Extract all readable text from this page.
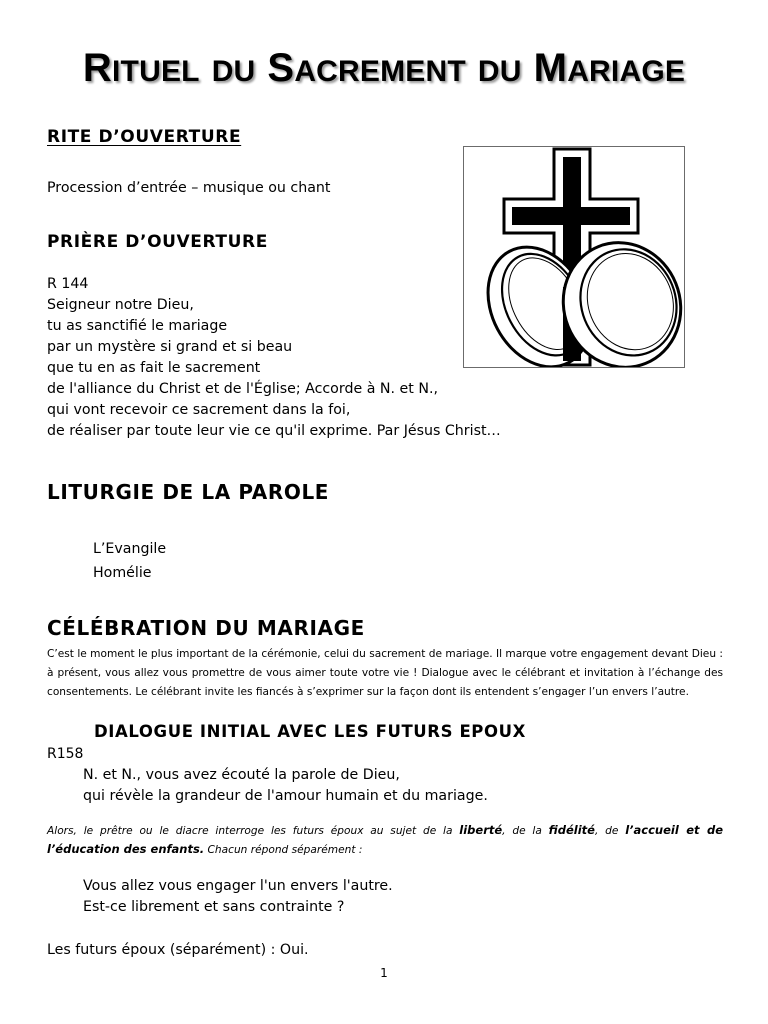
RITUEL DU SACREMENT DU MARIAGE
RITE D’OUVERTURE
Procession d’entrée – musique ou chant
PRIÈRE D’OUVERTURE
R 144
Seigneur notre Dieu,
tu as sanctifié le mariage
par un mystère si grand et si beau
que tu en as fait le sacrement
de l'alliance du Christ et de l'Église; Accorde à N. et N.,
qui vont recevoir ce sacrement dans la foi,
de réaliser par toute leur vie ce qu'il exprime. Par Jésus Christ…
LITURGIE DE LA PAROLE
L’Evangile
Homélie
CÉLÉBRATION DU MARIAGE
C’est le moment le plus important de la cérémonie, celui du sacrement de mariage. Il marque votre engagement devant Dieu : à présent, vous allez vous promettre de vous aimer toute votre vie ! Dialogue avec le célébrant et invitation à l’échange des consentements. Le célébrant invite les fiancés à s’exprimer sur la façon dont ils entendent s’engager l’un envers l’autre.
DIALOGUE INITIAL AVEC LES FUTURS EPOUX
R158
N. et N., vous avez écouté la parole de Dieu,
qui révèle la grandeur de l'amour humain et du mariage.
Alors, le prêtre ou le diacre interroge les futurs époux au sujet de la liberté, de la fidélité, de l’accueil et de l’éducation des enfants. Chacun répond séparément :
Vous allez vous engager l'un envers l'autre.
Est-ce librement et sans contrainte ?
Les futurs époux (séparément) : Oui.
1
